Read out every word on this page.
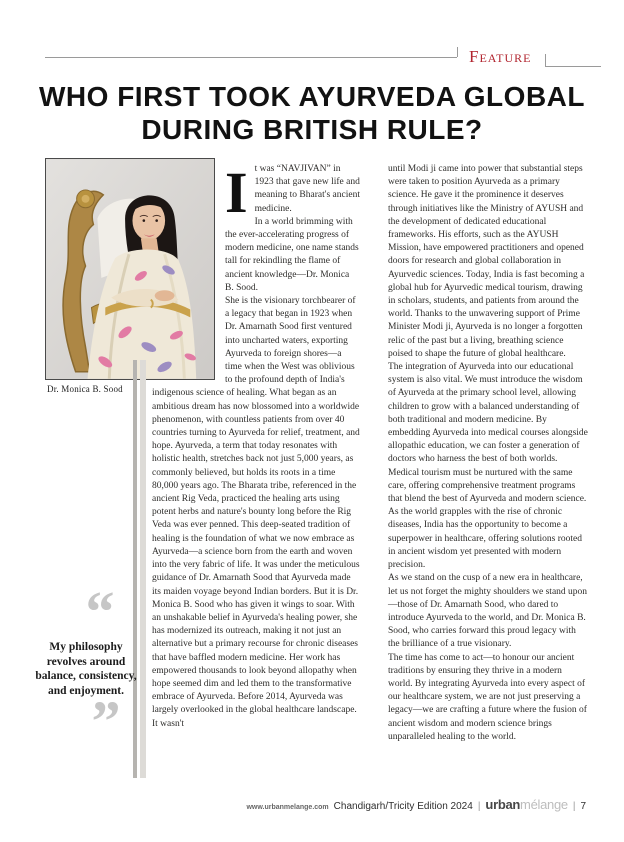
Feature
WHO FIRST TOOK AYURVEDA GLOBAL
DURING BRITISH RULE?
Dr. Monica B. Sood

It was “NAVJIVAN” in 1923 that gave new life and meaning to Bharat's ancient medicine.

In a world brimming with the ever-accelerating progress of modern medicine, one name stands tall for rekindling the flame of ancient knowledge—Dr. Monica B. Sood.

She is the visionary torchbearer of a legacy that began in 1923 when Dr. Amarnath Sood first ventured into uncharted waters, exporting Ayurveda to foreign shores—a time when the West was oblivious to the profound depth of India's indigenous science of healing. What began as an ambitious dream has now blossomed into a worldwide phenomenon, with countless patients from over 40 countries turning to Ayurveda for relief, treatment, and hope. Ayurveda, a term that today resonates with holistic health, stretches back not just 5,000 years, as commonly believed, but holds its roots in a time 80,000 years ago. The Bharata tribe, referenced in the ancient Rig Veda, practiced the healing arts using potent herbs and nature's bounty long before the Rig Veda was ever penned. This deep-seated tradition of healing is the foundation of what we now embrace as Ayurveda—a science born from the earth and woven into the very fabric of life. It was under the meticulous guidance of Dr. Amarnath Sood that Ayurveda made its maiden voyage beyond Indian borders. But it is Dr. Monica B. Sood who has given it wings to soar. With an unshakable belief in Ayurveda's healing power, she has modernized its outreach, making it not just an alternative but a primary recourse for chronic diseases that have baffled modern medicine. Her work has empowered thousands to look beyond allopathy when hope seemed dim and led them to the transformative embrace of Ayurveda. Before 2014, Ayurveda was largely overlooked in the global healthcare landscape. It wasn't

until Modi ji came into power that substantial steps were taken to position Ayurveda as a primary science. He gave it the prominence it deserves through initiatives like the Ministry of AYUSH and the development of dedicated educational frameworks. His efforts, such as the AYUSH Mission, have empowered practitioners and opened doors for research and global collaboration in Ayurvedic sciences. Today, India is fast becoming a global hub for Ayurvedic medical tourism, drawing in scholars, students, and patients from around the world. Thanks to the unwavering support of Prime Minister Modi ji, Ayurveda is no longer a forgotten relic of the past but a living, breathing science poised to shape the future of global healthcare.

The integration of Ayurveda into our educational system is also vital. We must introduce the wisdom of Ayurveda at the primary school level, allowing children to grow with a balanced understanding of both traditional and modern medicine. By embedding Ayurveda into medical courses alongside allopathic education, we can foster a generation of doctors who harness the best of both worlds.

Medical tourism must be nurtured with the same care, offering comprehensive treatment programs that blend the best of Ayurveda and modern science. As the world grapples with the rise of chronic diseases, India has the opportunity to become a superpower in healthcare, offering solutions rooted in ancient wisdom yet presented with modern precision.

As we stand on the cusp of a new era in healthcare, let us not forget the mighty shoulders we stand upon—those of Dr. Amarnath Sood, who dared to introduce Ayurveda to the world, and Dr. Monica B. Sood, who carries forward this proud legacy with the brilliance of a true visionary.

The time has come to act—to honour our ancient traditions by ensuring they thrive in a modern world. By integrating Ayurveda into every aspect of our healthcare system, we are not just preserving a legacy—we are crafting a future where the fusion of ancient wisdom and modern science brings unparalleled healing to the world.

“
My philosophy revolves around balance, consistency, and enjoyment.
”
www.urbanmelange.com Chandigarh/Tricity Edition 2024 | urbanmélange | 7
